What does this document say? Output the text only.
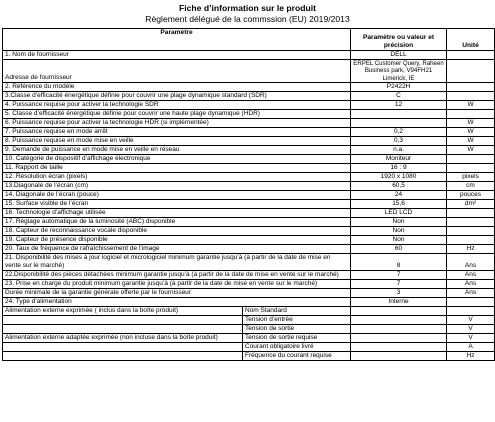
Fiche d’information sur le produit
Règlement délégué de la commssion (EU) 2019/2013
Paramètre		Paramètre ou valeur et précision	Unité
1. Nom de fournisseur		DELL	
Adresse de fournisseur		ERPEL Customer Query, Raheen Business park, V94FH21 Limerick, IE	
2. Référence du modèle		P2422H	
3.Classe d’efficacité énergétique définie pour couvrir une plage dynamique standard (SDR)		C	
4. Puissance requise pour activer la technologie SDR		12	W
5. Classe d’efficacité énergétique définie pour couvrir une haute plage dynamique (HDR)			
6. Puissance requise pour activer la technologie HDR (si implémentée)			W
7. Puissance requise en mode arrêt		0,2	W
8. Puissance requise en mode mise en veille		0,3	W
9. Demande de puissance en mode mise en veille en réseau		n.a.	W
10. Catégorie de dispositif d’affichage électronique		Moniteur	
11. Rapport de taille		16 : 9	
12. Résolution écran (pixels)		1920 x 1080	pixels
13.Diagonale de l’écran (cm)		60,5	cm
14. Diagonale de l’écran (pouce)		24	pouces
15. Surface visible de l’écran		15,6	dm²
16. Technologie d’affichage utilisée		LED LCD	
17. Réglage automatique de la luminosité (ABC) disponible		Non	
18. Capteur de reconnaissance vocale disponible		Non	
19. Capteur de présence disponible		Non	
20. Taux de fréquence de rafraîchissement de l’image		60	Hz
21. Disponibilité des mises à jour logiciel et micrologiciel minimum garantie jusqu’à (à partir de la date de mise en vente sur le marché)		8	Ans
22.Disponibilité des pièces détachées minimum garantie jusqu’à (à partir de la date de mise en vente sur le marché)		7	Ans
23. Prise en charge du produit minimum garantie jusqu’à (à partir de la date de mise en vente sur le marché)		7	Ans
Durée minimale de la garantie générale offerte par le fournisseur		3	Ans
24. Type d’alimentation		Interne	
Alimentation externe exprimée ( inclus dans la boîte produit)	Nom Standard		
	Tension d’entrée		V
	Tension de sortie		V
Alimentation externe adaptée exprimée (non incluse dans la boîte produit)	Tension de sortie requise		V
	Courant obligatoire livré		A
	Fréquence du courant requise		Hz
